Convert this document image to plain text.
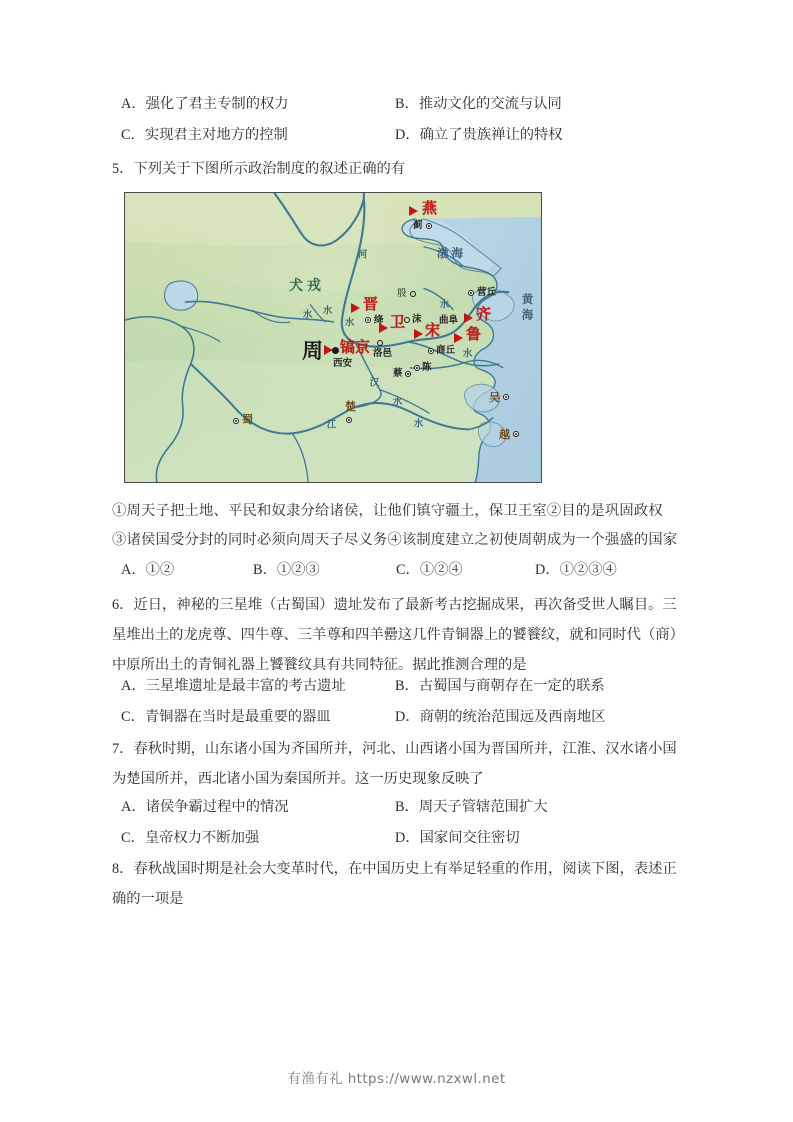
A．强化了君主专制的权力	B．推动文化的交流与认同
C．实现君主对地方的控制	D．确立了贵族禅让的特权
5．下列关于下图所示政治制度的叙述正确的有
犬戎
渤海
黄海
河
水
水 水
水
江
汉
水
水
水
燕
蓟
晋
绛
殷
齐
营丘
卫 沫
宋 鲁
曲阜
周 镐京
西安
洛邑	商丘
陈
蔡
蜀
楚
吴
越
①周天子把土地、平民和奴隶分给诸侯，让他们镇守疆土，保卫王室②目的是巩固政权
③诸侯国受分封的同时必须向周天子尽义务④该制度建立之初使周朝成为一个强盛的国家
A．①②	B．①②③	C．①②④	D．①②③④
6．近日，神秘的三星堆（古蜀国）遗址发布了最新考古挖掘成果，再次备受世人瞩目。三
星堆出土的龙虎尊、四牛尊、三羊尊和四羊罍这几件青铜器上的饕餮纹，就和同时代（商）
中原所出土的青铜礼器上饕餮纹具有共同特征。据此推测合理的是
A．三星堆遗址是最丰富的考古遗址	B．古蜀国与商朝存在一定的联系
C．青铜器在当时是最重要的器皿	D．商朝的统治范围远及西南地区
7．春秋时期，山东诸小国为齐国所并，河北、山西诸小国为晋国所并，江淮、汉水诸小国
为楚国所并，西北诸小国为秦国所并。这一历史现象反映了
A．诸侯争霸过程中的情况	B．周天子管辖范围扩大
C．皇帝权力不断加强	D．国家间交往密切
8．春秋战国时期是社会大变革时代，在中国历史上有举足轻重的作用，阅读下图，表述正
确的一项是
有渔有礼 https://www.nzxwl.net
